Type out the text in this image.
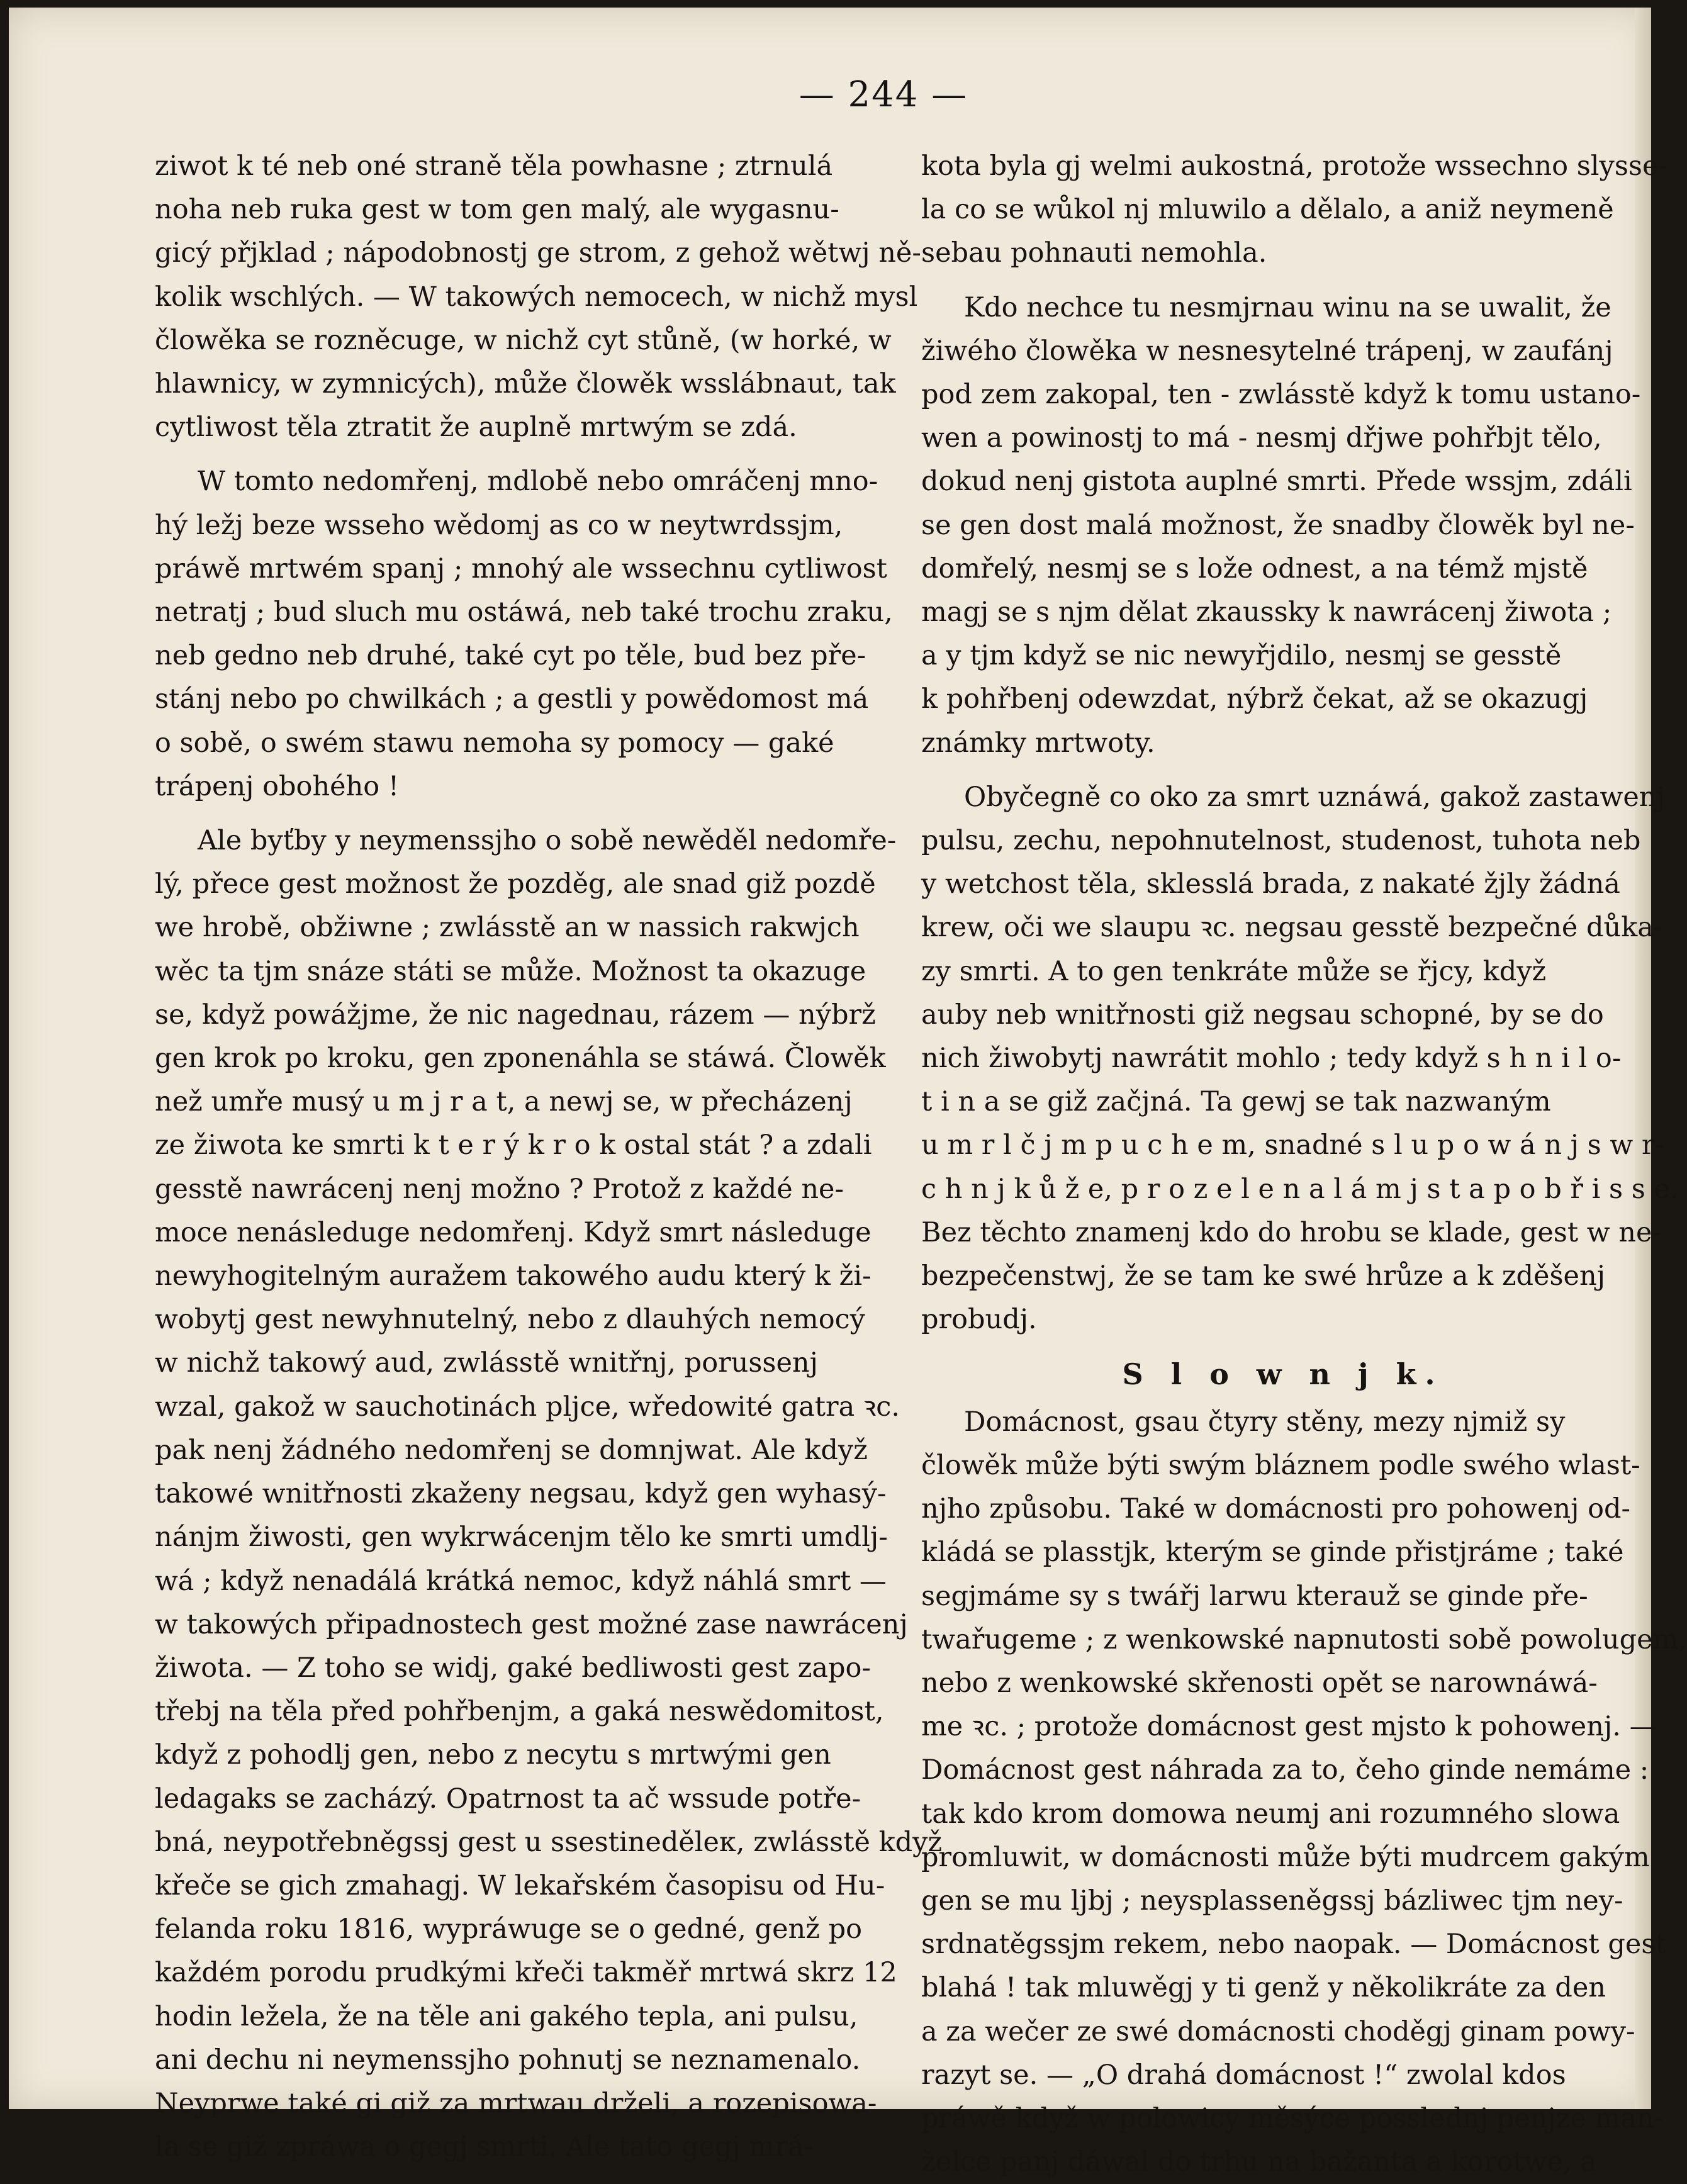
— 244 —

ziwot k té neb oné straně těla powhasne ; ztrnulá
noha neb ruka gest w tom gen malý, ale wygasnu-
gicý přjklad ; nápodobnostj ge strom, z gehož wětwj ně-
kolik wschlých. — W takowých nemocech, w nichž mysl
člowěka se rozněcuge, w nichž cyt stůně, (w horké, w
hlawnicy, w zymnicých), může člowěk wsslábnaut, tak
cytliwost těla ztratit že auplně mrtwým se zdá.

W tomto nedomřenj, mdlobě nebo omráčenj mno-
hý ležj beze wsseho wědomj as co w neytwrdssjm,
práwě mrtwém spanj ; mnohý ale wssechnu cytliwost
netratj ; bud sluch mu ostáwá, neb také trochu zraku,
neb gedno neb druhé, také cyt po těle, bud bez pře-
stánj nebo po chwilkách ; a gestli y powědomost má
o sobě, o swém stawu nemoha sy pomocy — gaké
trápenj obohého !

Ale byťby y neymenssjho o sobě newěděl nedomře-
lý, přece gest možnost že pozděg, ale snad giž pozdě
we hrobě, obžiwne ; zwlásstě an w nassich rakwjch
wěc ta tjm snáze státi se může. Možnost ta okazuge
se, když powážjme, že nic nagednau, rázem — nýbrž
gen krok po kroku, gen zponenáhla se stáwá. Člowěk
než umře musý u m j r a t, a newj se, w přecházenj
ze žiwota ke smrti k t e r ý k r o k ostal stát ? a zdali
gesstě nawrácenj nenj možno ? Protož z každé ne-
moce nenásleduge nedomřenj. Když smrt následuge
newyhogitelným auražem takowého audu který k ži-
wobytj gest newyhnutelný, nebo z dlauhých nemocý
w nichž takowý aud, zwlásstě wnitřnj, porussenj
wzal, gakož w sauchotinách pljce, wředowité gatra ꝛc.
pak nenj žádného nedomřenj se domnjwat. Ale když
takowé wnitřnosti zkaženy negsau, když gen wyhasý-
nánjm žiwosti, gen wykrwácenjm tělo ke smrti umdlj-
wá ; když nenadálá krátká nemoc, když náhlá smrt —
w takowých připadnostech gest možné zase nawrácenj
žiwota. — Z toho se widj, gaké bedliwosti gest zapo-
třebj na těla před pohřbenjm, a gaká neswědomitost,
když z pohodlj gen, nebo z necytu s mrtwými gen
ledagaks se zacházý. Opatrnost ta ač wssude potře-
bná, neypotřebněgssj gest u ssestineděleк, zwlásstě když
křeče se gich zmahagj. W lekařském časopisu od Hu-
felanda roku 1816, wypráwuge se o gedné, genž po
každém porodu prudkými křeči takměř mrtwá skrz 12
hodin ležela, že na těle ani gakého tepla, ani pulsu,
ani dechu ni neymenssjho pohnutj se neznamenalo.
Neyprwe také gi giž za mrtwau drželi, a rozepisowa-
la se giž zpráwa o gegj smrti. Ale tato gegj mrá-

kota byla gj welmi aukostná, protože wssechno slysse-
la co se wůkol nj mluwilo a dělalo, a aniž neymeně
sebau pohnauti nemohla.

Kdo nechce tu nesmjrnau winu na se uwalit, že
žiwého člowěka w nesnesytelné trápenj, w zaufánj
pod zem zakopal, ten - zwlásstě když k tomu ustano-
wen a powinostj to má - nesmj dřjwe pohřbjt tělo,
dokud nenj gistota auplné smrti. Přede wssjm, zdáli
se gen dost malá možnost, že snadby člowěk byl ne-
domřelý, nesmj se s lože odnest, a na témž mjstě
magj se s njm dělat zkaussky k nawrácenj žiwota ;
a y tjm když se nic newyřjdilo, nesmj se gesstě
k pohřbenj odewzdat, nýbrž čekat, až se okazugj
známky mrtwoty.

Obyčegně co oko za smrt uznáwá, gakož zastawenj
pulsu, zechu, nepohnutelnost, studenost, tuhota neb
y wetchost těla, sklesslá brada, z nakaté žjly žádná
krew, oči we slaupu ꝛc. negsau gesstě bezpečné důka-
zy smrti. A to gen tenkráte může se řjcy, když
auby neb wnitřnosti giž negsau schopné, by se do
nich žiwobytj nawrátit mohlo ; tedy když s h n i l o-
t i n a se giž začjná. Ta gewj se tak nazwaným
u m r l č j m p u c h e m, snadné s l u p o w á n j s w r-
c h n j k ů ž e, p r o z e l e n a l á m j s t a p o b ř i s s e.
Bez těchto znamenj kdo do hrobu se klade, gest w ne-
bezpečenstwj, že se tam ke swé hrůze a k zděšenj
probudj.

S l o w n j k.

Domácnost, gsau čtyry stěny, mezy njmiž sy
člowěk může býti swým bláznem podle swého wlast-
njho způsobu. Také w domácnosti pro pohowenj od-
kládá se plasstjk, kterým se ginde přistjráme ; také
segjmáme sy s twářj larwu kterauž se ginde pře-
twařugeme ; z wenkowské napnutosti sobě powolugem,
nebo z wenkowské skřenosti opět se narownáwá-
me ꝛc. ; protože domácnost gest mjsto k pohowenj. —
Domácnost gest náhrada za to, čeho ginde nemáme :
tak kdo krom domowa neumj ani rozumného slowa
promluwit, w domácnosti může býti mudrcem gakým
gen se mu ljbj ; neysplasseněgssj bázliwec tjm ney-
srdnatěgssjm rekem, nebo naopak. — Domácnost gest
blahá ! tak mluwěgj y ti genž y několikráte za den
a za wečer ze swé domácnosti choděgj ginam powy-
razyt se. — „O drahá domácnost !“ zwolal kdos
práwě když w polowicy měsýce posslednj penjze man-
želce panj dáwal do trhu na bažanta a korotwe, a
